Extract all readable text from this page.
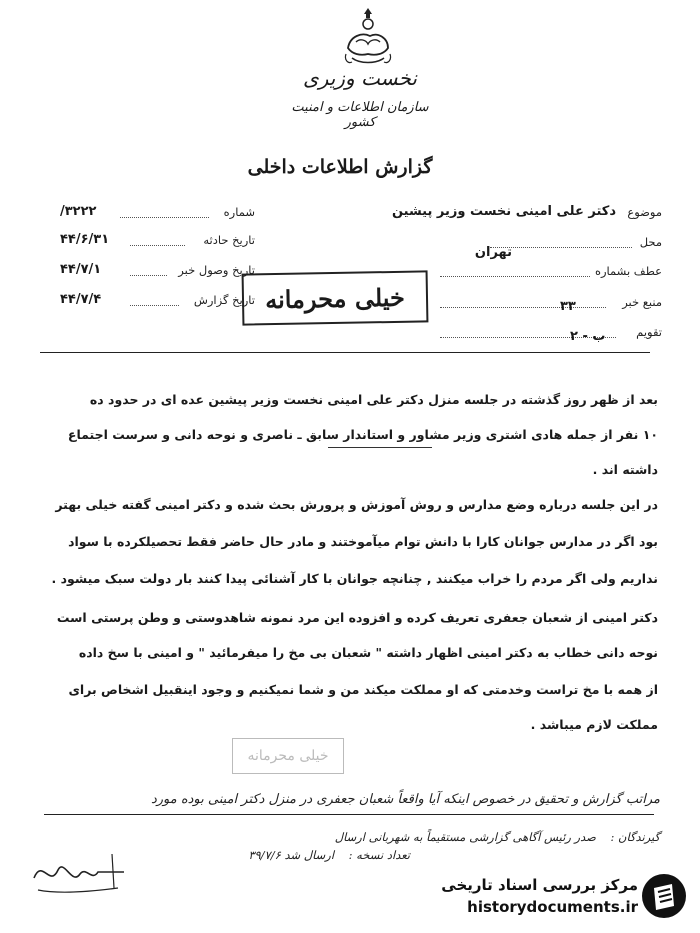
نخست وزیری
سازمان اطلاعات و امنیت کشور
گزارش اطلاعات داخلی
شماره
۳۲۲۲/
تاریخ حادثه
۴۴/۶/۳۱
تاریخ وصول خبر
۴۴/۷/۱
تاریخ گزارش
۴۴/۷/۴	خیلی محرمانه
موضوع
دکتر علی امینی نخست وزیر پیشین
محل
تهران
عطف بشماره
منبع خبر
۳۳
تقویم
ب - ۲
بعد از ظهر روز گذشته در جلسه منزل دکتر علی امینی نخست وزیر پیشین عده ای در حدود ده
۱۰ نفر از جمله هادی اشتری وزیر مشاور و استاندار سابق ـ ناصری و نوحه دانی و سرست اجتماع
داشته اند .
در این جلسه درباره وضع مدارس و روش آموزش و پرورش بحث شده و دکتر امینی گفته خیلی بهتر
بود اگر در مدارس جوانان کارا با دانش توام میآموختند و مادر حال حاضر فقط تحصیلکرده با سواد
نداریم ولی اگر مردم را خراب میکنند , چنانچه جوانان با کار آشنائی پیدا کنند بار دولت سبک میشود .
دکتر امینی از شعبان جعفری تعریف کرده و افزوده این مرد نمونه شاهدوستی و وطن پرستی است
نوحه دانی خطاب به دکتر امینی اظهار داشته " شعبان بی مخ را میفرمائید " و امینی با سخ داده
از همه با مخ تراست وخدمتی که او مملکت میکند من و شما نمیکنیم و وجود اینقبیل اشخاص برای
مملکت لازم میباشد .
خیلی محرمانه
مراتب گزارش و تحقیق در خصوص اینکه آیا واقعاً شعبان جعفری در منزل دکتر امینی بوده مورد
گیرندگان :    صدر رئیس آگاهی گزارشی مستقیماً به شهربانی ارسال
تعداد نسخه :    ارسال شد ۳۹/۷/۶
مرکز بررسی اسناد تاریخی
historydocuments.ir
